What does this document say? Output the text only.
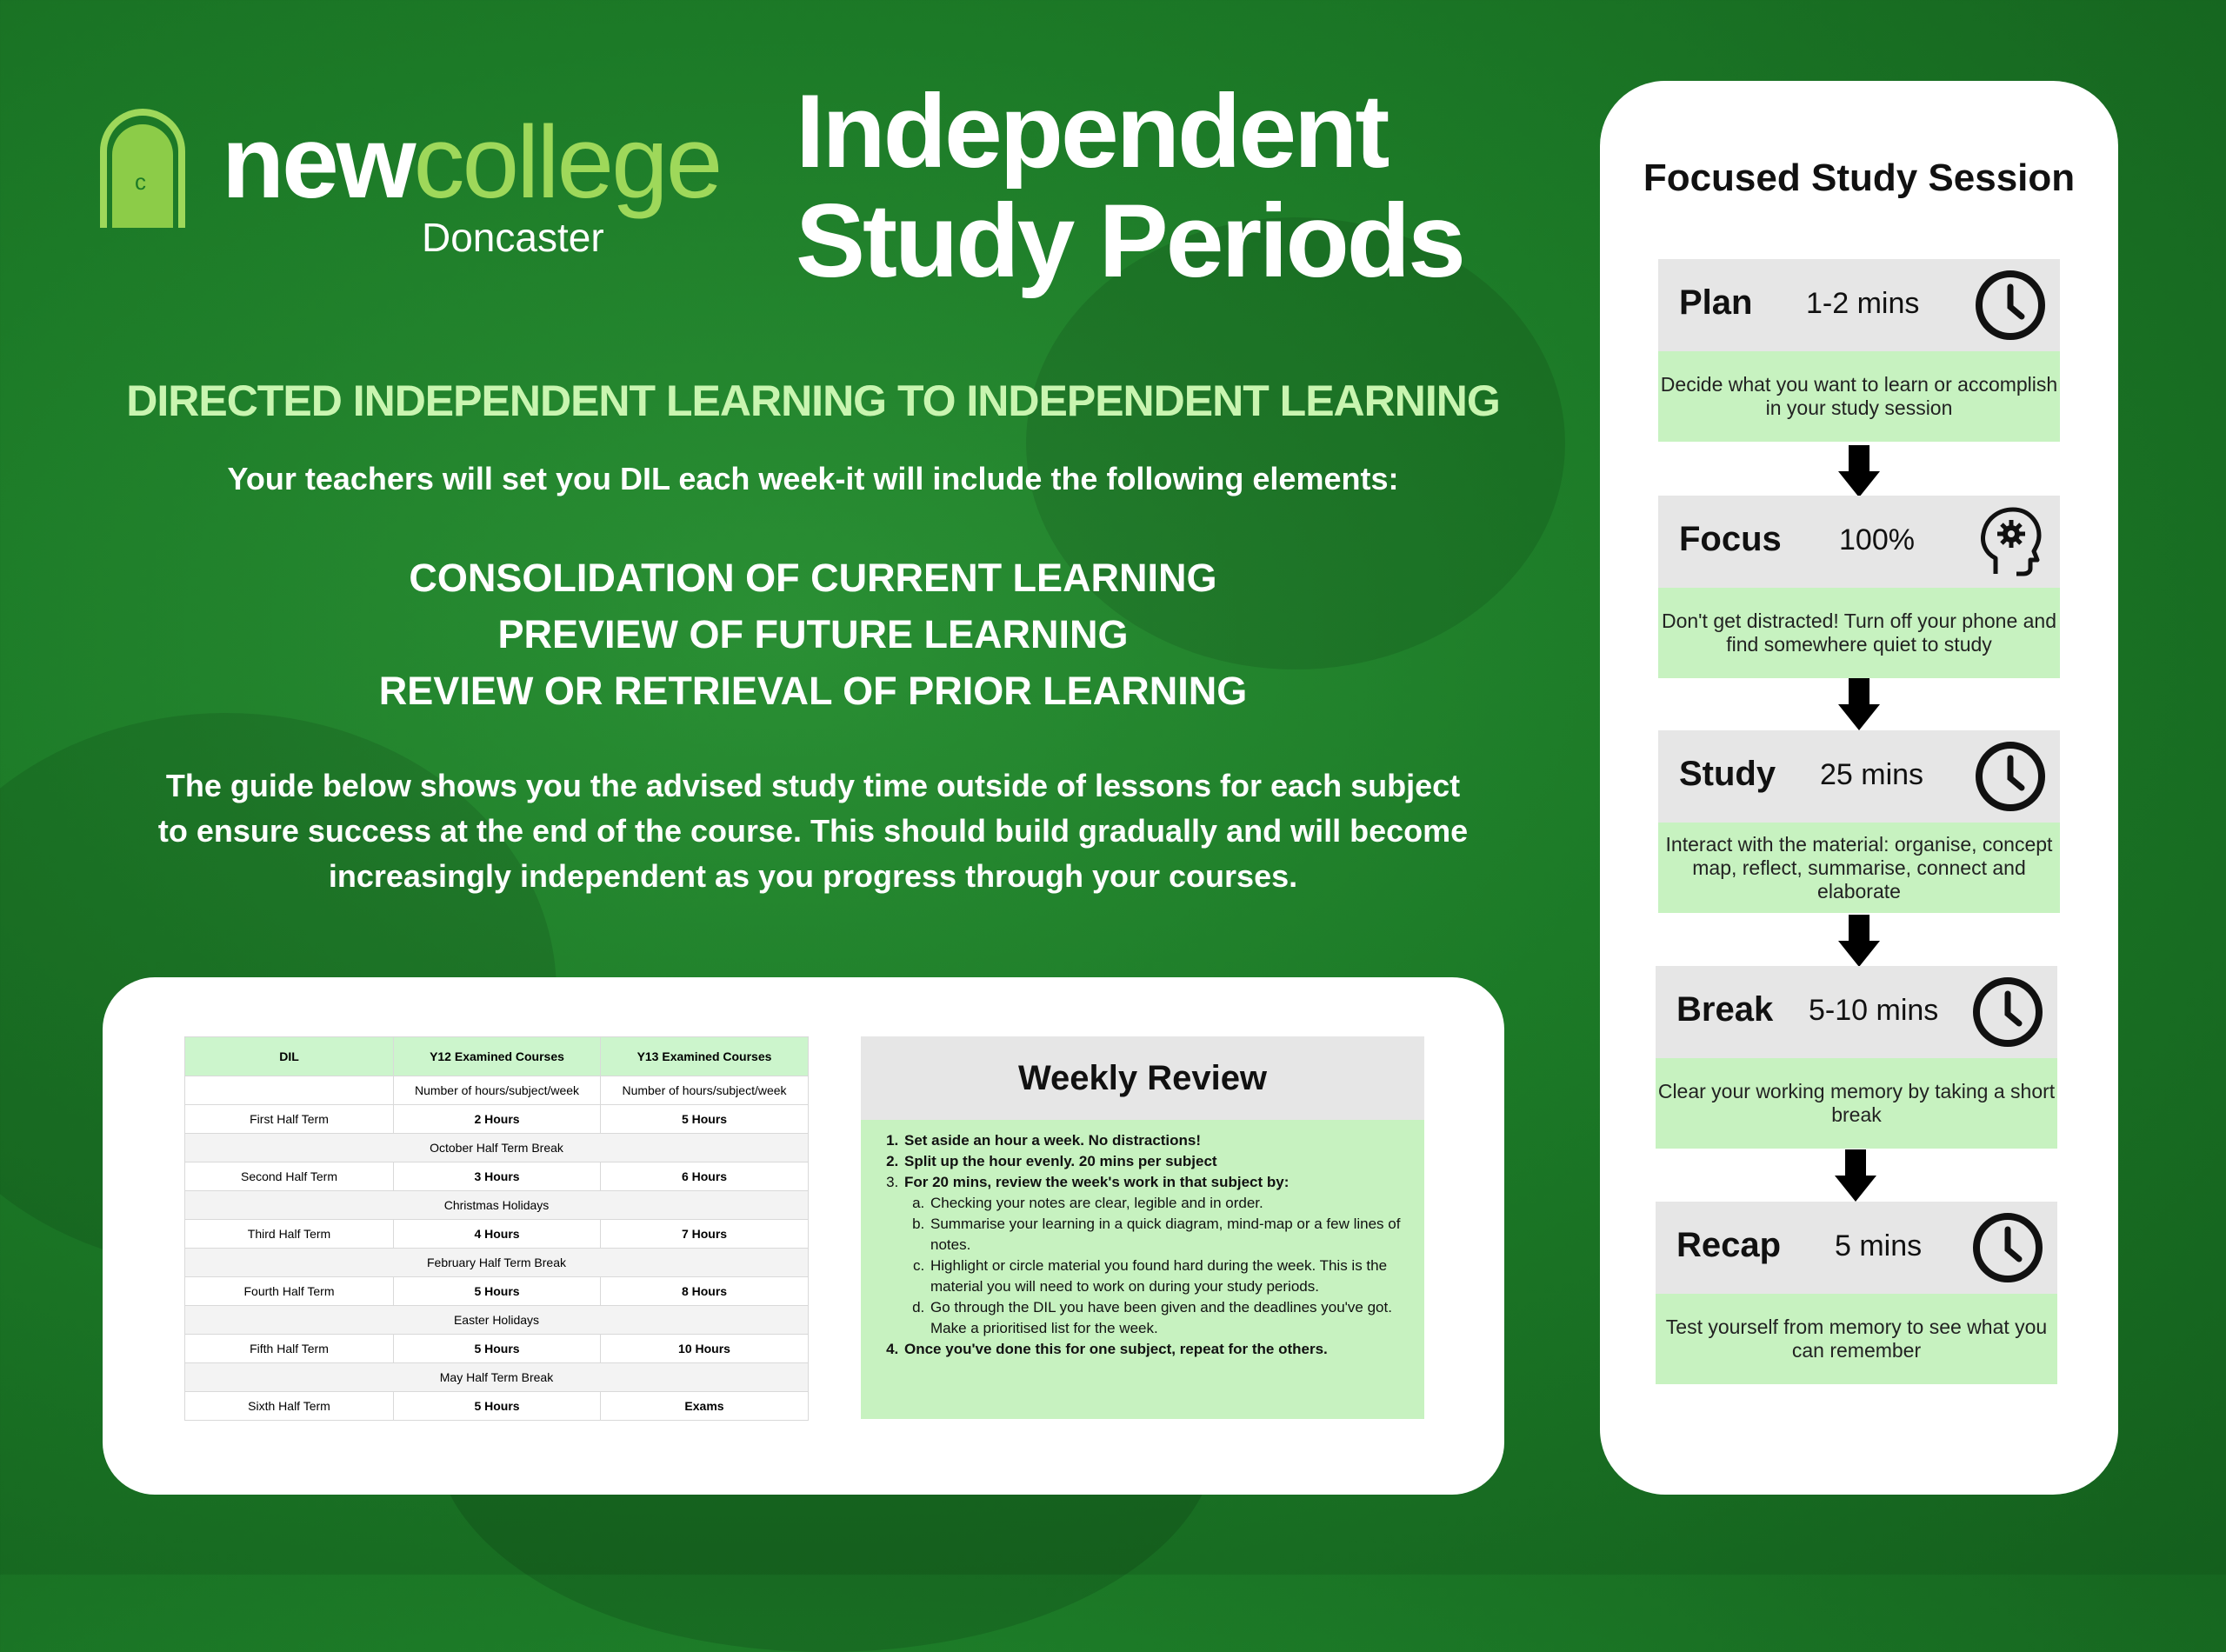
c newcollege
Doncaster
Independent
Study Periods
DIRECTED INDEPENDENT LEARNING TO INDEPENDENT LEARNING
Your teachers will set you DIL each week-it will include the following elements:
CONSOLIDATION OF CURRENT LEARNING
PREVIEW OF FUTURE LEARNING
REVIEW OR RETRIEVAL OF PRIOR LEARNING
The guide below shows you the advised study time outside of lessons for each subject
to ensure success at the end of the course. This should build gradually and will become
increasingly independent as you progress through your courses.
DIL	Y12 Examined Courses	Y13 Examined Courses
	Number of hours/subject/week	Number of hours/subject/week
First Half Term	2 Hours	5 Hours
October Half Term Break		
Second Half Term	3 Hours	6 Hours
Christmas Holidays		
Third Half Term	4 Hours	7 Hours
February Half Term Break		
Fourth Half Term	5 Hours	8 Hours
Easter Holidays		
Fifth Half Term	5 Hours	10 Hours
May Half Term Break		
Sixth Half Term	5 Hours	Exams
Weekly Review
1. Set aside an hour a week. No distractions!
2. Split up the hour evenly. 20 mins per subject
3. For 20 mins, review the week's work in that subject by:
a. Checking your notes are clear, legible and in order.
b. Summarise your learning in a quick diagram, mind-map or a few lines of notes.
c. Highlight or circle material you found hard during the week. This is the material you will need to work on during your study periods.
d. Go through the DIL you have been given and the deadlines you've got. Make a prioritised list for the week.
4. Once you've done this for one subject, repeat for the others.
Focused Study Session
Plan 1-2 mins
Decide what you want to learn or accomplish in your study session
Focus 100%
Don't get distracted! Turn off your phone and find somewhere quiet to study
Study 25 mins
Interact with the material: organise, concept map, reflect, summarise, connect and elaborate
Break 5-10 mins
Clear your working memory by taking a short break
Recap 5 mins
Test yourself from memory to see what you can remember
